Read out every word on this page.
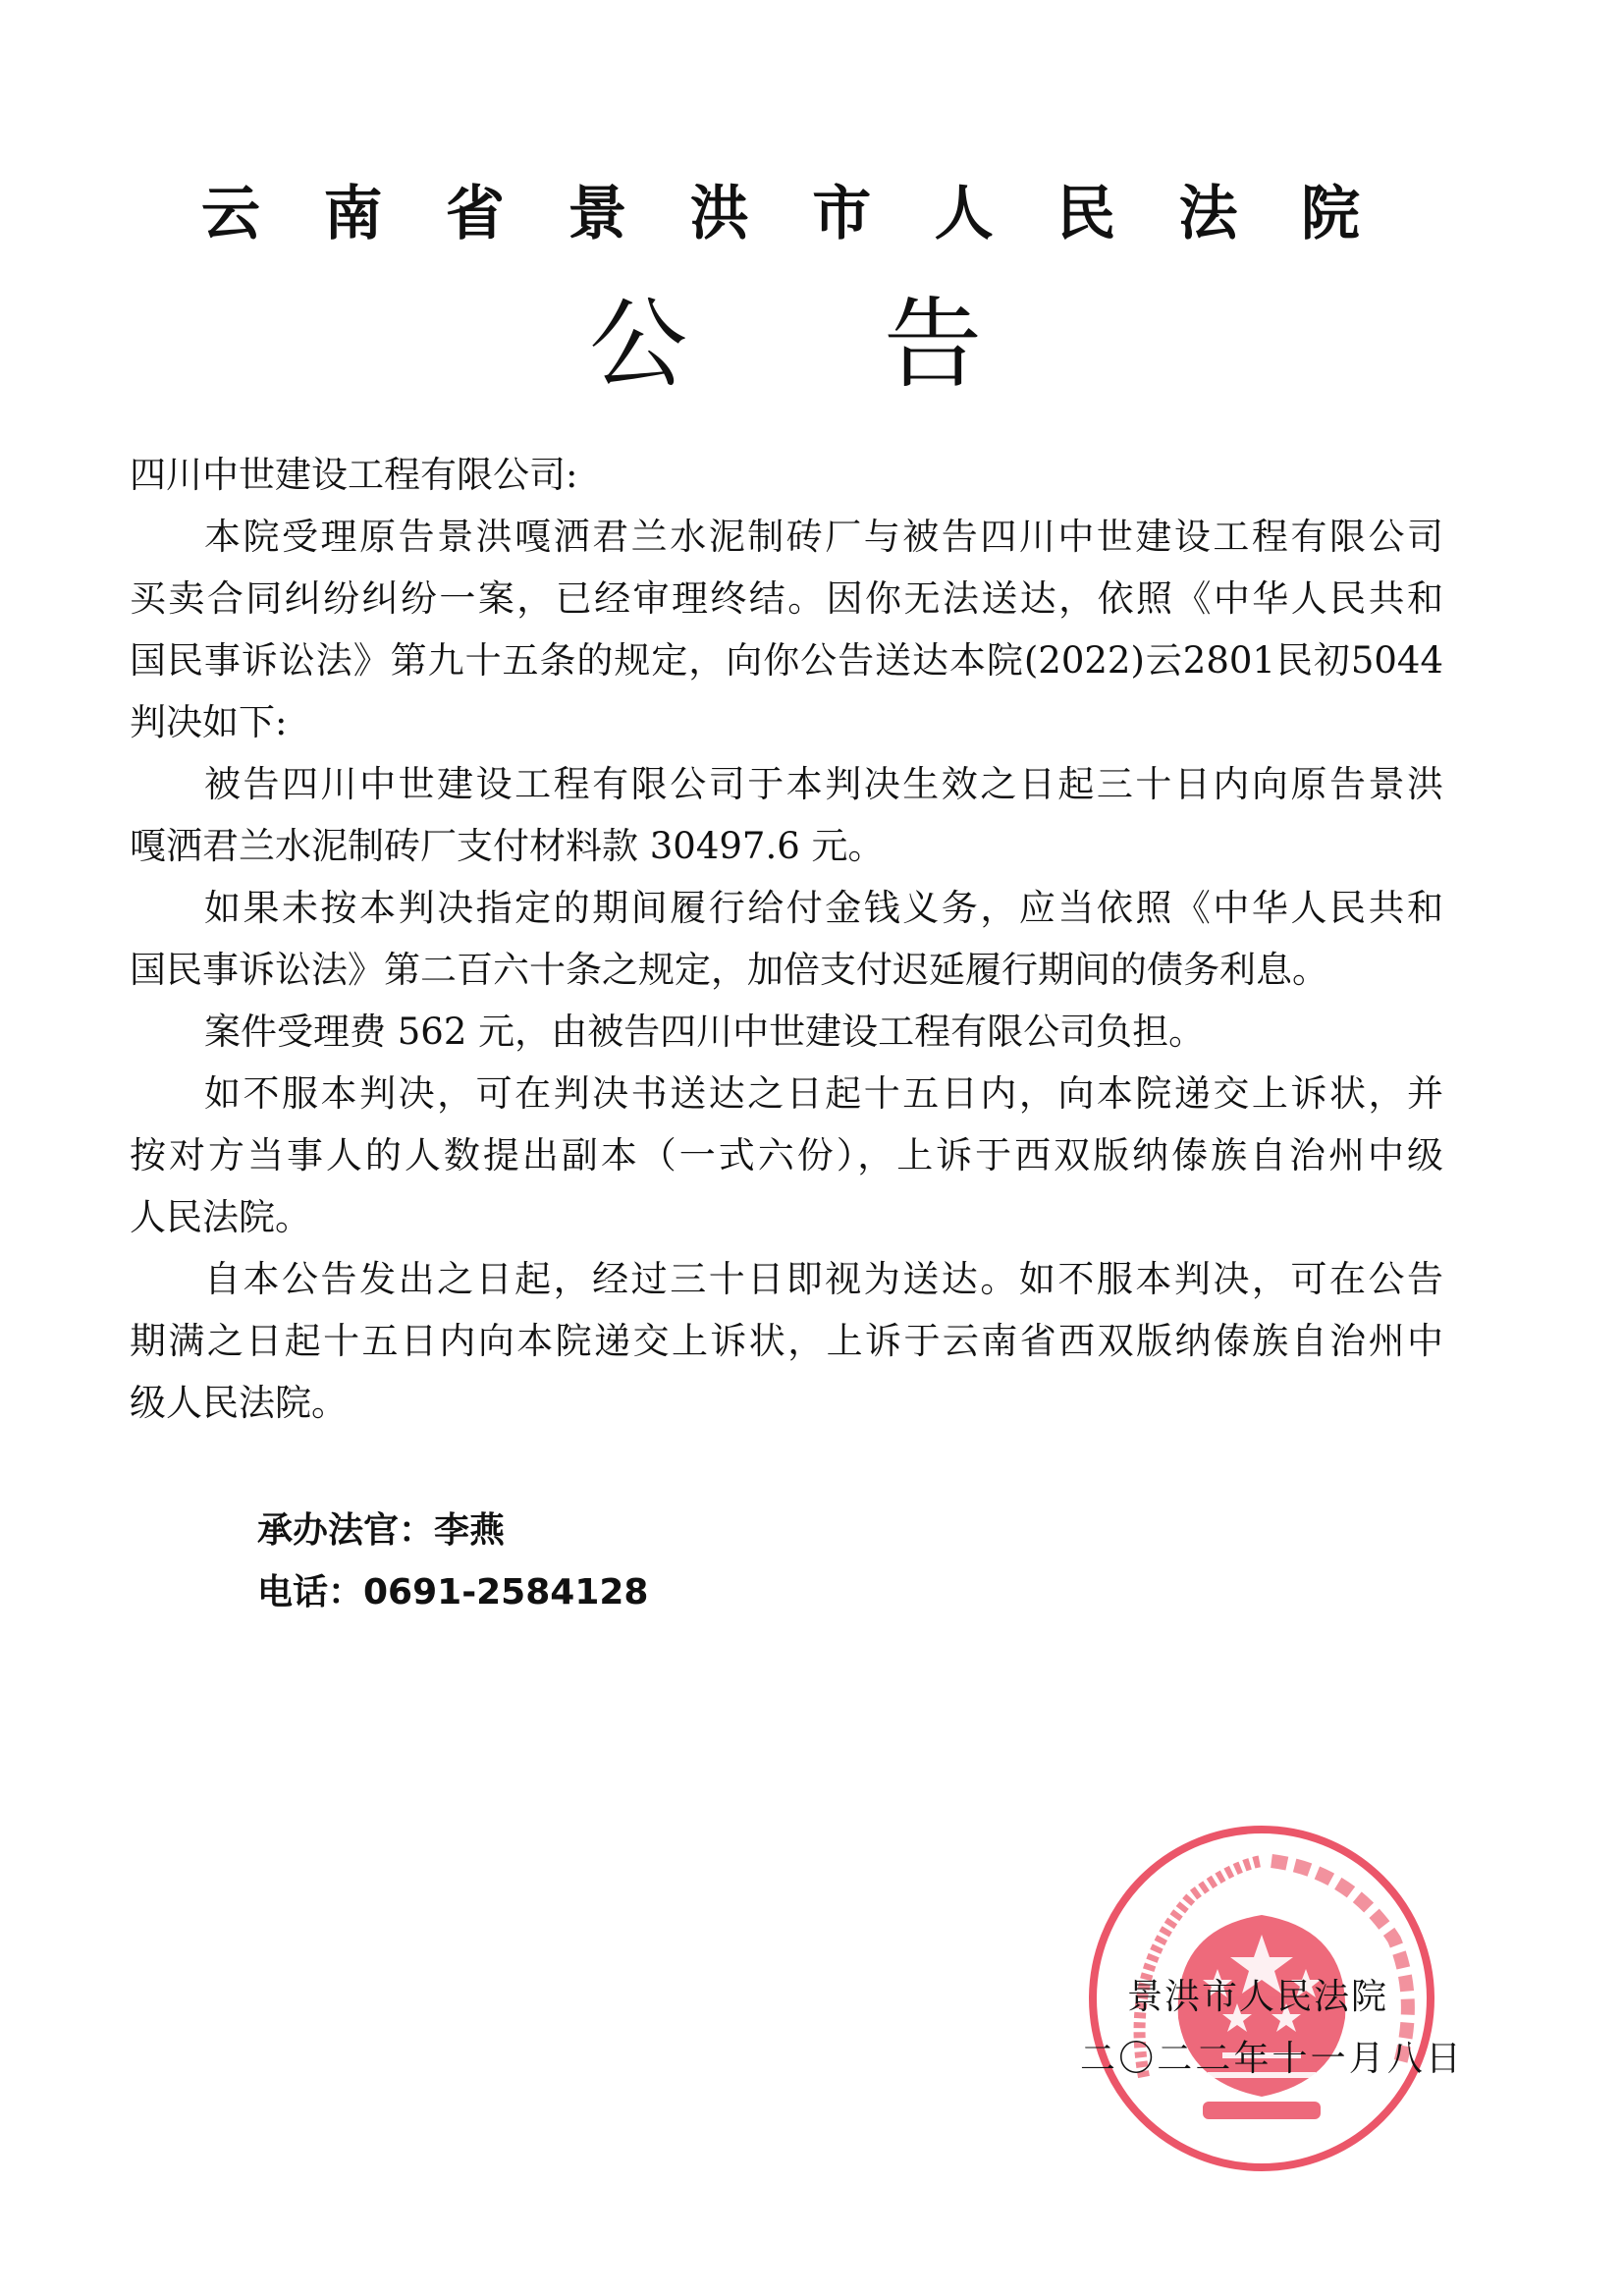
云 南 省 景 洪 市 人 民 法 院
公 告
四川中世建设工程有限公司:
本院受理原告景洪嘎洒君兰水泥制砖厂与被告四川中世建设工程有限公司
买卖合同纠纷纠纷一案，已经审理终结。因你无法送达，依照《中华人民共和
国民事诉讼法》第九十五条的规定，向你公告送达本院(2022)云2801民初5044
判决如下:
被告四川中世建设工程有限公司于本判决生效之日起三十日内向原告景洪
嘎洒君兰水泥制砖厂支付材料款 30497.6 元。
如果未按本判决指定的期间履行给付金钱义务，应当依照《中华人民共和
国民事诉讼法》第二百六十条之规定，加倍支付迟延履行期间的债务利息。
案件受理费 562 元，由被告四川中世建设工程有限公司负担。
如不服本判决，可在判决书送达之日起十五日内，向本院递交上诉状，并
按对方当事人的人数提出副本（一式六份），上诉于西双版纳傣族自治州中级
人民法院。
自本公告发出之日起，经过三十日即视为送达。如不服本判决，可在公告
期满之日起十五日内向本院递交上诉状，上诉于云南省西双版纳傣族自治州中
级人民法院。
承办法官：李燕
电话：0691-2584128
景洪市人民法院
二 〇 二 二 年 十 一 月 八 日
